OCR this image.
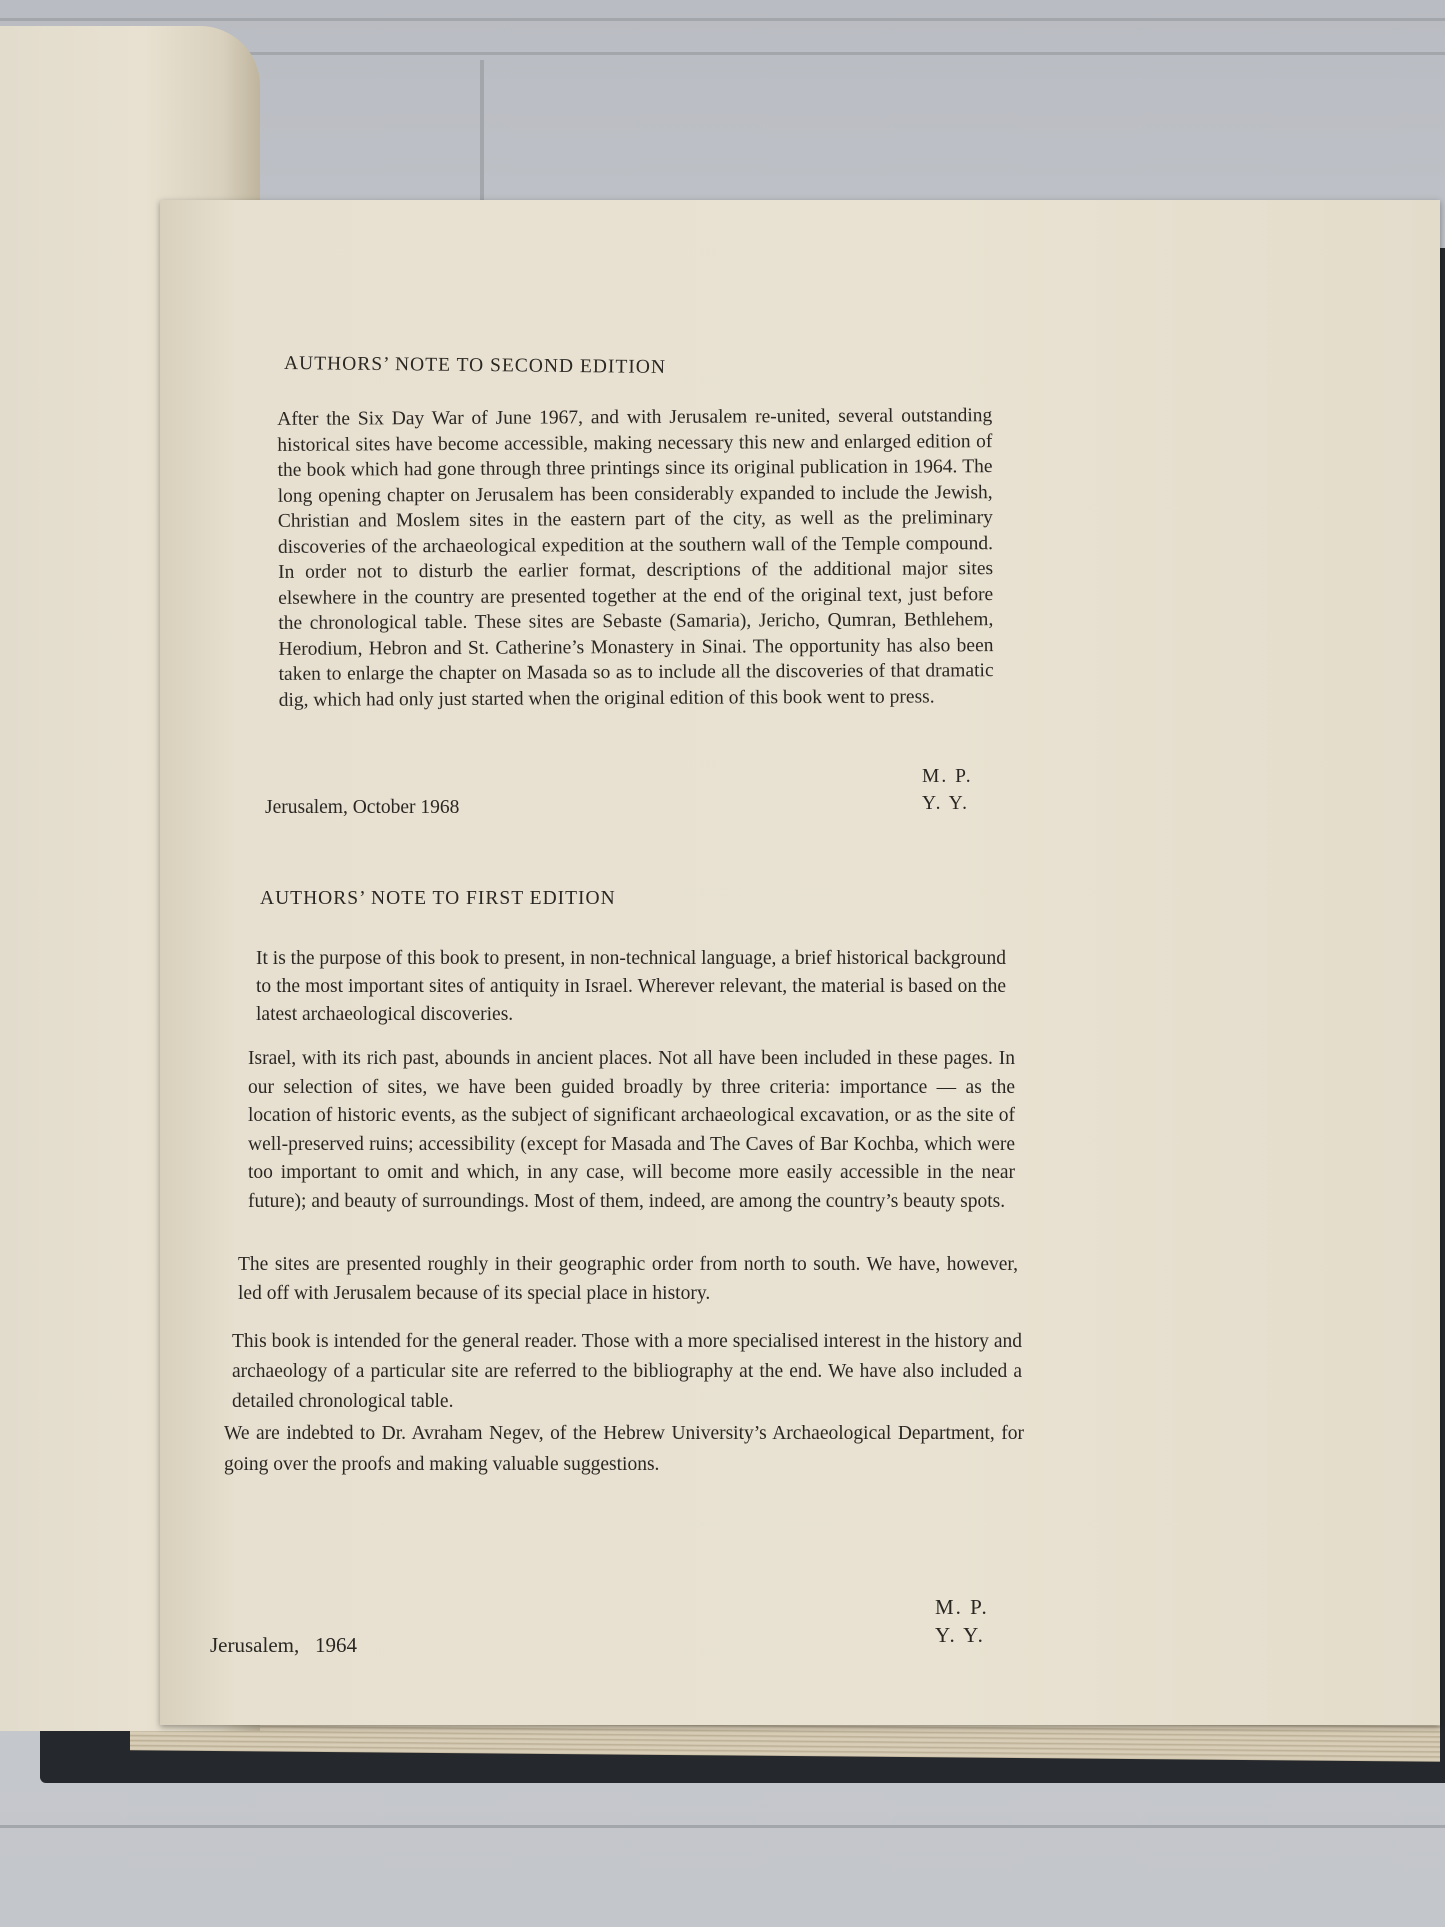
AUTHORS’ NOTE TO SECOND EDITION
After the Six Day War of June 1967, and with Jerusalem re-united, several outstanding historical sites have become accessible, making necessary this new and enlarged edition of the book which had gone through three printings since its original publication in 1964. The long opening chapter on Jerusalem has been considerably expanded to include the Jewish, Christian and Moslem sites in the eastern part of the city, as well as the preliminary discoveries of the archaeological expedition at the southern wall of the Temple compound. In order not to disturb the earlier format, descriptions of the additional major sites elsewhere in the country are presented together at the end of the original text, just before the chronological table. These sites are Sebaste (Samaria), Jericho, Qumran, Bethlehem, Herodium, Hebron and St. Catherine’s Monastery in Sinai. The opportunity has also been taken to enlarge the chapter on Masada so as to include all the discoveries of that dramatic dig, which had only just started when the original edition of this book went to press.
M. P.
Y. Y.
Jerusalem, October 1968
AUTHORS’ NOTE TO FIRST EDITION
It is the purpose of this book to present, in non-technical language, a brief historical background to the most important sites of antiquity in Israel. Wherever relevant, the material is based on the latest archaeological discoveries.
Israel, with its rich past, abounds in ancient places. Not all have been included in these pages. In our selection of sites, we have been guided broadly by three criteria: importance — as the location of historic events, as the subject of significant archaeological excavation, or as the site of well-preserved ruins; accessibility (except for Masada and The Caves of Bar Kochba, which were too important to omit and which, in any case, will become more easily accessible in the near future); and beauty of surroundings. Most of them, indeed, are among the country’s beauty spots.
The sites are presented roughly in their geographic order from north to south. We have, however, led off with Jerusalem because of its special place in history.
This book is intended for the general reader. Those with a more specialised interest in the history and archaeology of a particular site are referred to the bibliography at the end. We have also included a detailed chronological table.
We are indebted to Dr. Avraham Negev, of the Hebrew University’s Archaeological Department, for going over the proofs and making valuable suggestions.
M. P.
Y. Y.
Jerusalem,   1964
